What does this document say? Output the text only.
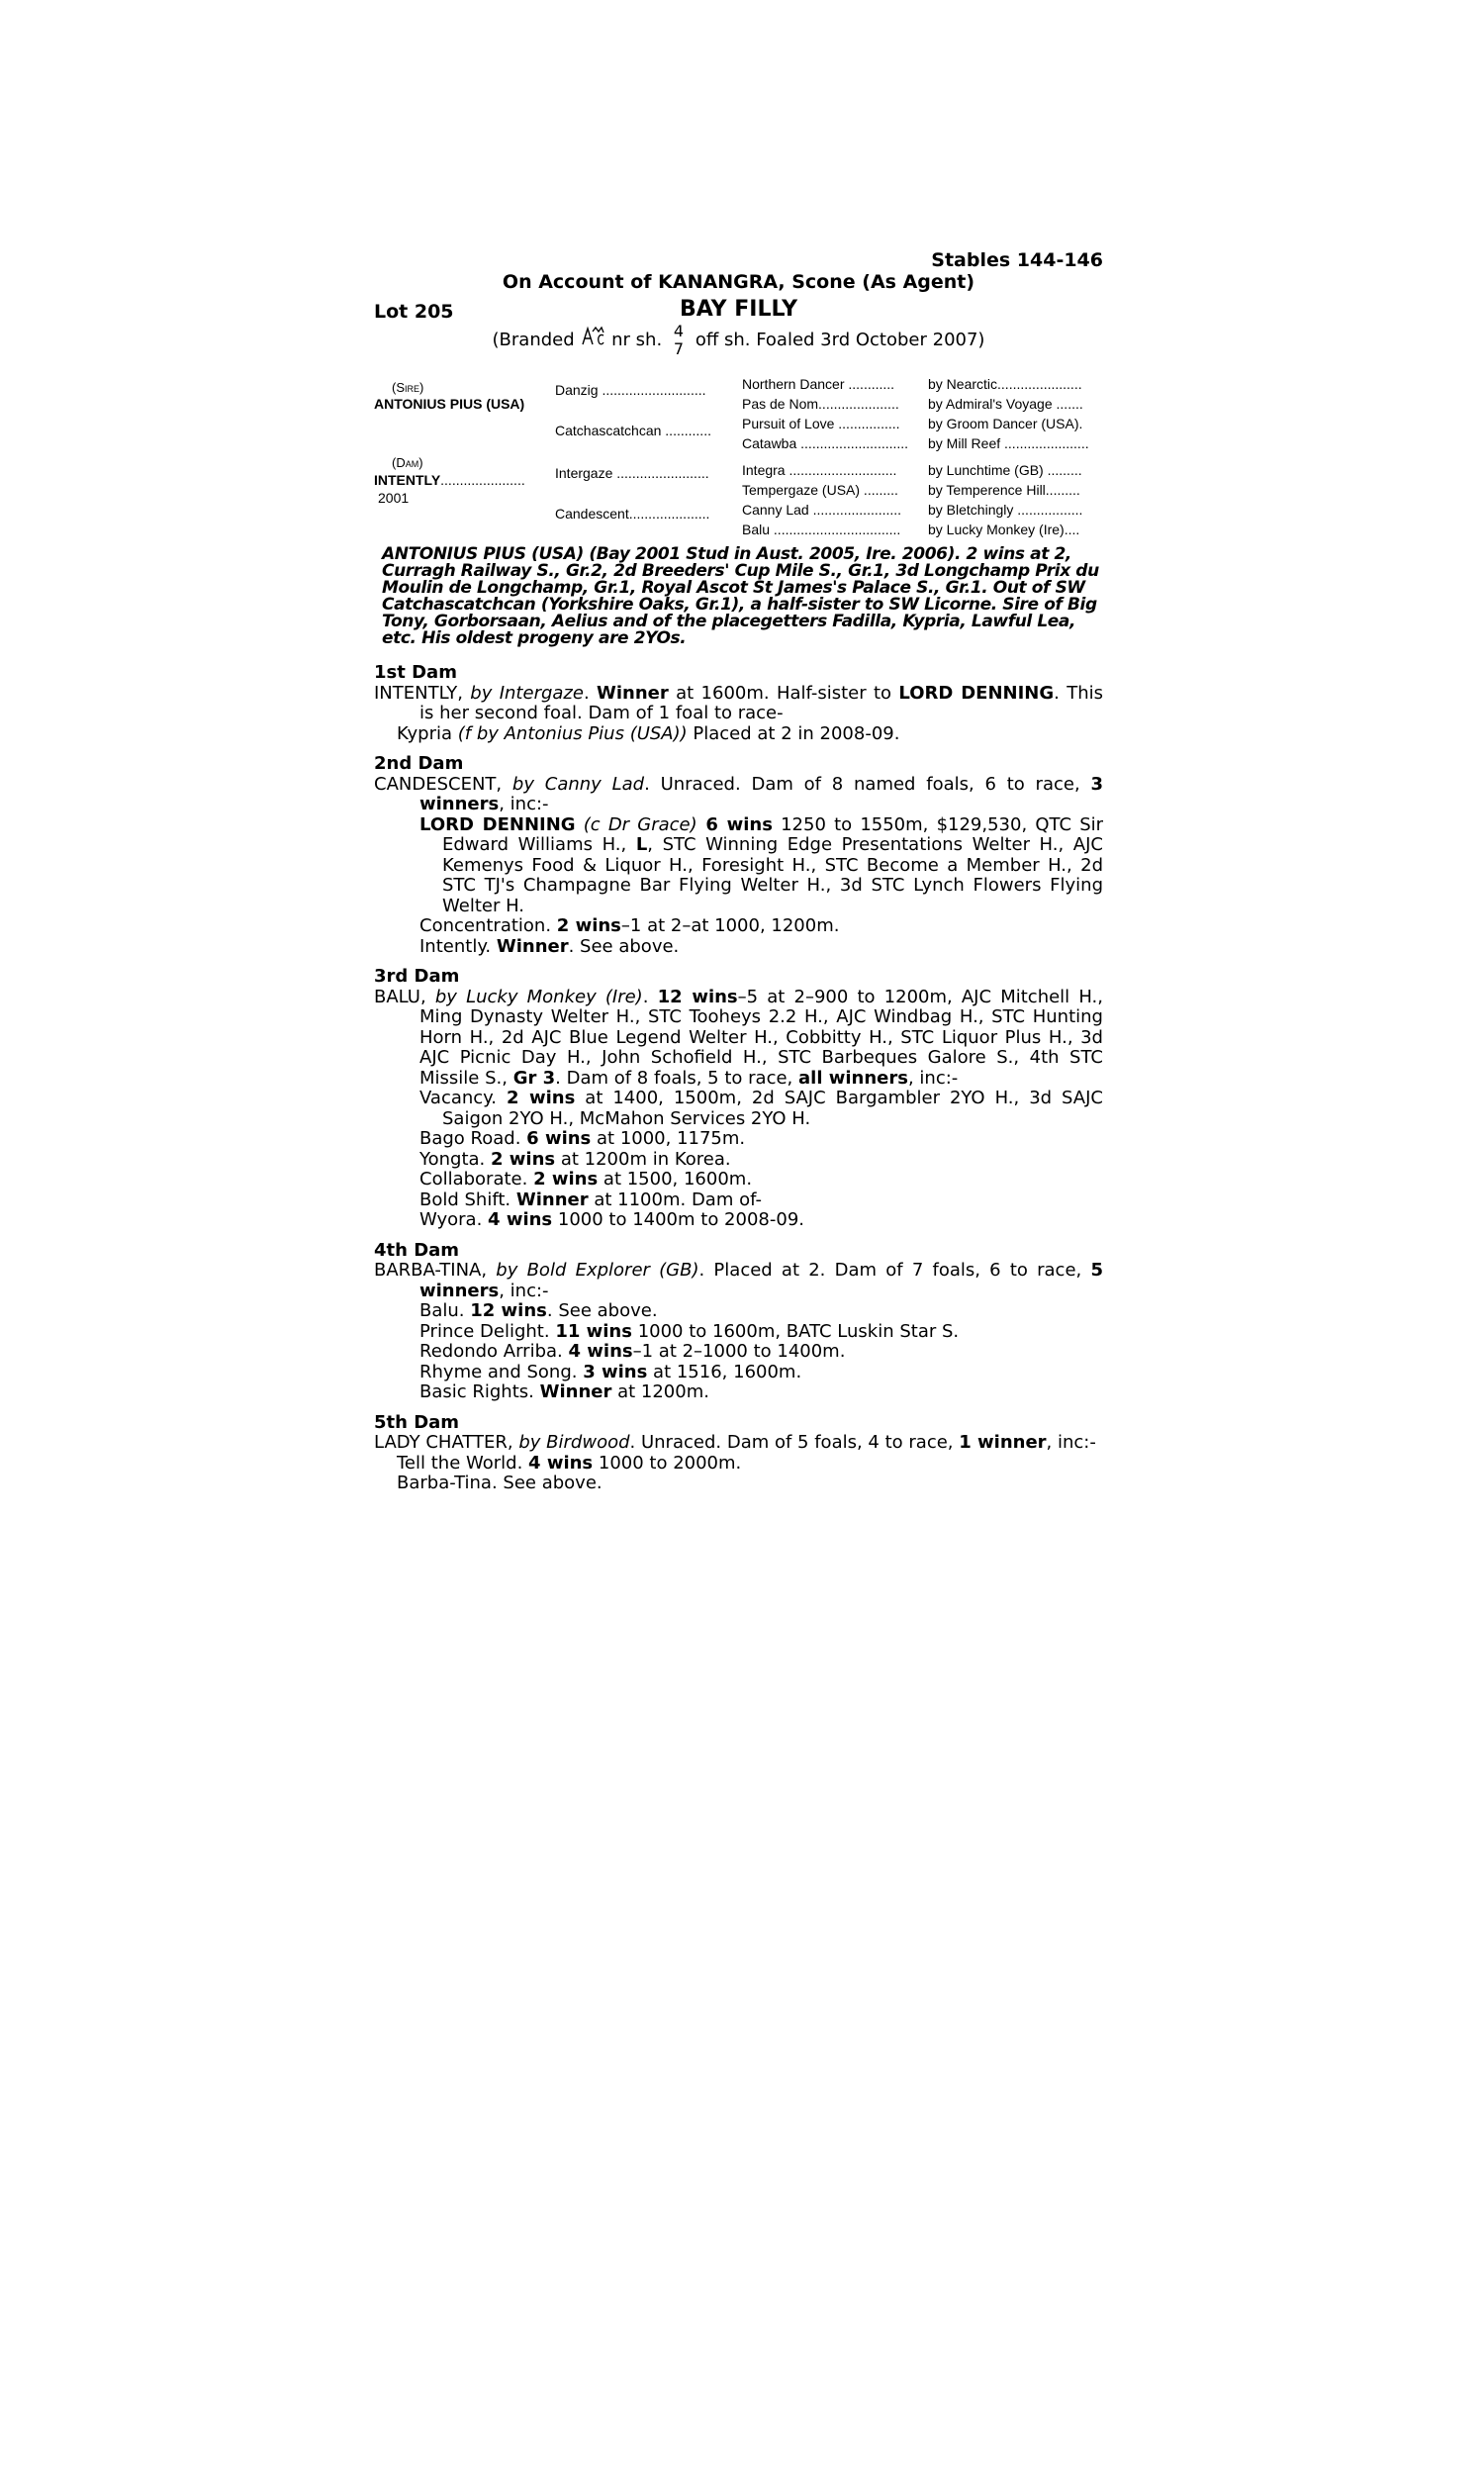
Stables 144-146
On Account of KANANGRA, Scone (As Agent)
Lot 205	BAY FILLY
(Branded nr sh. 4
7 off sh. Foaled 3rd October 2007)
(Sire)
ANTONIUS PIUS (USA)
(Dam)
INTENTLY......................
2001
Danzig ...........................
Catchascatchcan ............
Intergaze ........................
Candescent.....................
Northern Dancer ............
Pas de Nom.....................
Pursuit of Love ................
Catawba ............................
Integra ............................
Tempergaze (USA) .........
Canny Lad .......................
Balu .................................
by Nearctic......................
by Admiral's Voyage .......
by Groom Dancer (USA).
by Mill Reef ......................
by Lunchtime (GB) .........
by Temperence Hill.........
by Bletchingly .................
by Lucky Monkey (Ire)....
ANTONIUS PIUS (USA) (Bay 2001 Stud in Aust. 2005, Ire. 2006). 2 wins at 2, Curragh Railway S., Gr.2, 2d Breeders' Cup Mile S., Gr.1, 3d Longchamp Prix du Moulin de Longchamp, Gr.1, Royal Ascot St James's Palace S., Gr.1. Out of SW Catchascatchcan (Yorkshire Oaks, Gr.1), a half-sister to SW Licorne. Sire of Big Tony, Gorborsaan, Aelius and of the placegetters Fadilla, Kypria, Lawful Lea, etc. His oldest progeny are 2YOs.
1st Dam
INTENTLY, by Intergaze. Winner at 1600m. Half-sister to LORD DENNING. This is her second foal. Dam of 1 foal to race-
Kypria (f by Antonius Pius (USA)) Placed at 2 in 2008-09.
2nd Dam
CANDESCENT, by Canny Lad. Unraced. Dam of 8 named foals, 6 to race, 3 winners, inc:-
LORD DENNING (c Dr Grace) 6 wins 1250 to 1550m, $129,530, QTC Sir Edward Williams H., L, STC Winning Edge Presentations Welter H., AJC Kemenys Food & Liquor H., Foresight H., STC Become a Member H., 2d STC TJ's Champagne Bar Flying Welter H., 3d STC Lynch Flowers Flying Welter H.
Concentration. 2 wins–1 at 2–at 1000, 1200m.
Intently. Winner. See above.
3rd Dam
BALU, by Lucky Monkey (Ire). 12 wins–5 at 2–900 to 1200m, AJC Mitchell H., Ming Dynasty Welter H., STC Tooheys 2.2 H., AJC Windbag H., STC Hunting Horn H., 2d AJC Blue Legend Welter H., Cobbitty H., STC Liquor Plus H., 3d AJC Picnic Day H., John Schofield H., STC Barbeques Galore S., 4th STC Missile S., Gr 3. Dam of 8 foals, 5 to race, all winners, inc:-
Vacancy. 2 wins at 1400, 1500m, 2d SAJC Bargambler 2YO H., 3d SAJC Saigon 2YO H., McMahon Services 2YO H.
Bago Road. 6 wins at 1000, 1175m.
Yongta. 2 wins at 1200m in Korea.
Collaborate. 2 wins at 1500, 1600m.
Bold Shift. Winner at 1100m. Dam of-
Wyora. 4 wins 1000 to 1400m to 2008-09.
4th Dam
BARBA-TINA, by Bold Explorer (GB). Placed at 2. Dam of 7 foals, 6 to race, 5 winners, inc:-
Balu. 12 wins. See above.
Prince Delight. 11 wins 1000 to 1600m, BATC Luskin Star S.
Redondo Arriba. 4 wins–1 at 2–1000 to 1400m.
Rhyme and Song. 3 wins at 1516, 1600m.
Basic Rights. Winner at 1200m.
5th Dam
LADY CHATTER, by Birdwood. Unraced. Dam of 5 foals, 4 to race, 1 winner, inc:-
Tell the World. 4 wins 1000 to 2000m.
Barba-Tina. See above.
